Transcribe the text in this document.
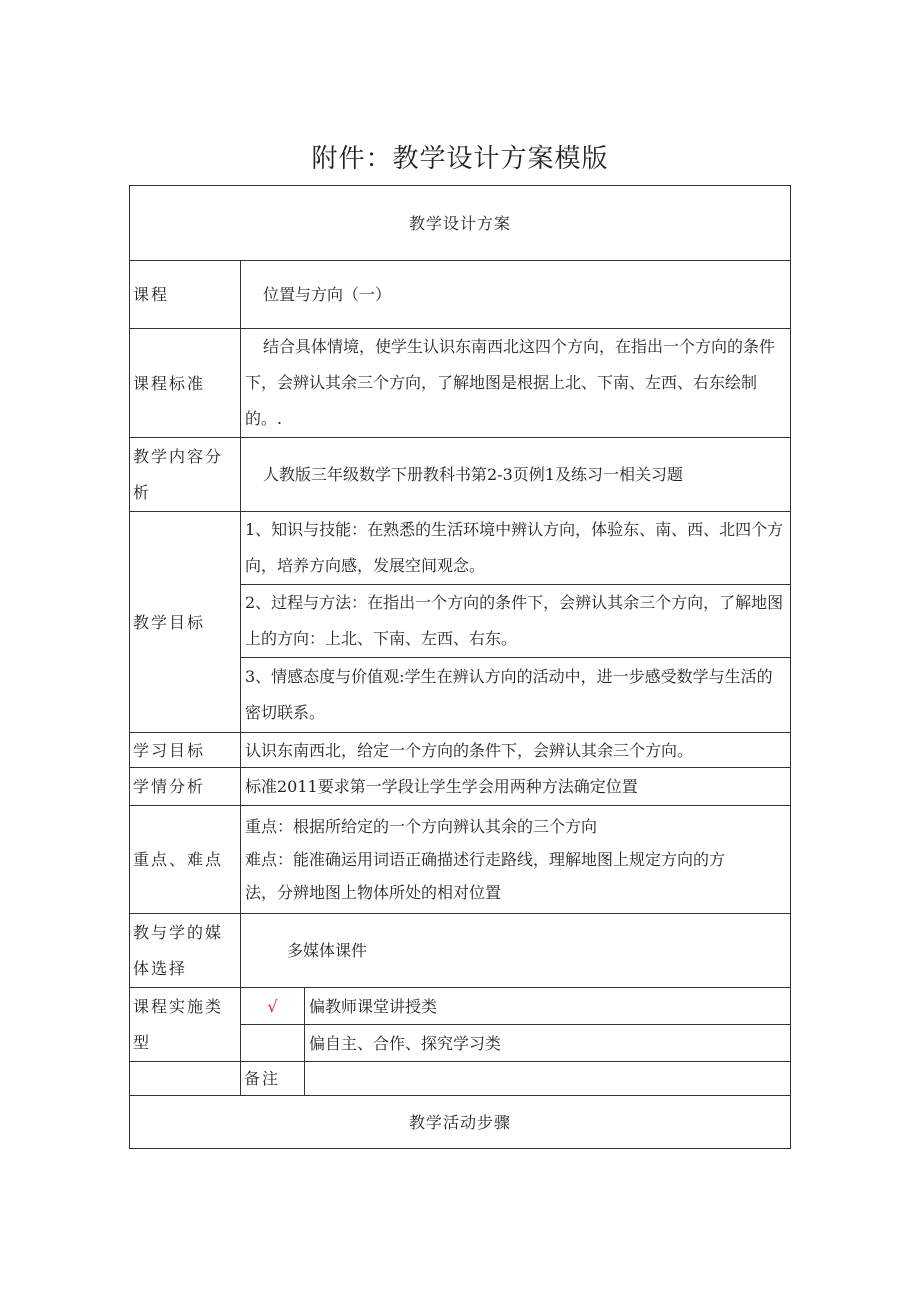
附件：教学设计方案模版
教学设计方案		
课程	位置与方向（一）	
课程标准	结合具体情境，使学生认识东南西北这四个方向，在指出一个方向的条件下，会辨认其余三个方向，了解地图是根据上北、下南、左西、右东绘制的。.	
教学内容分析	人教版三年级数学下册教科书第2-3页例1及练习一相关习题	
教学目标	1、知识与技能：在熟悉的生活环境中辨认方向，体验东、南、西、北四个方向，培养方向感，发展空间观念。	
	2、过程与方法：在指出一个方向的条件下，会辨认其余三个方向，了解地图上的方向：上北、下南、左西、右东。	
	3、情感态度与价值观:学生在辨认方向的活动中，进一步感受数学与生活的密切联系。	
学习目标	认识东南西北，给定一个方向的条件下，会辨认其余三个方向。	
学情分析	标准2011要求第一学段让学生学会用两种方法确定位置	
重点、难点	重点：根据所给定的一个方向辨认其余的三个方向
难点：能准确运用词语正确描述行走路线，理解地图上规定方向的方法，分辨地图上物体所处的相对位置	

教与学的媒体选择	多媒体课件	
课程实施类型	√	偏教师课堂讲授类
		偏自主、合作、探究学习类
	备注	
教学活动步骤		
